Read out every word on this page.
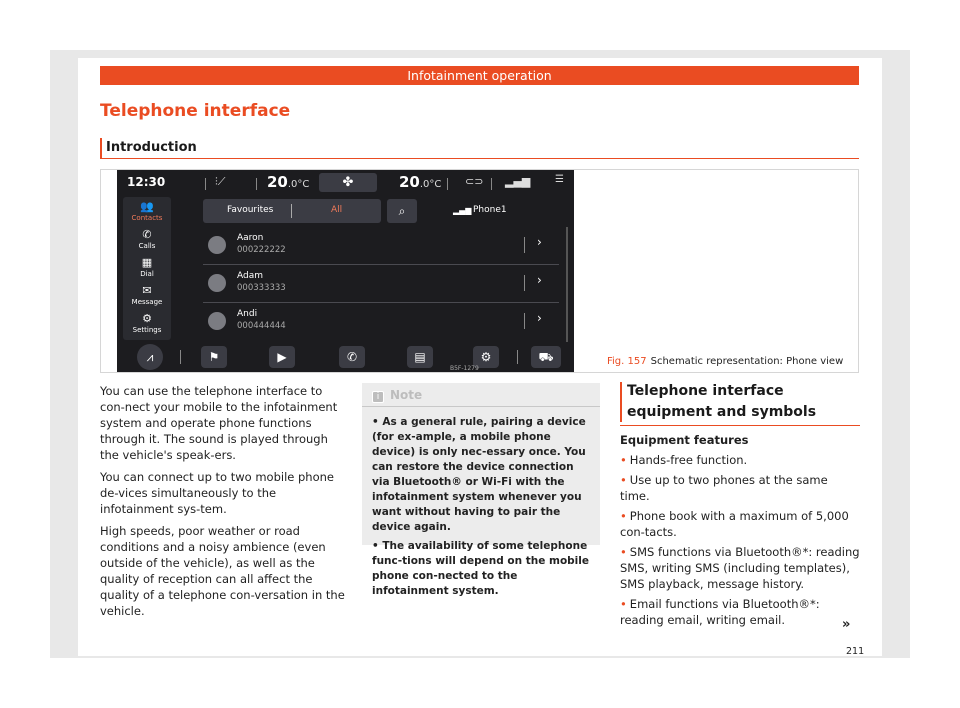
Infotainment operation
Telephone interface
Introduction
12:30	⫶⟋	20.0°C	✤	20.0°C ⊂⊃ ▂▄▆ ☰
👥
Contacts
✆
Calls
▦
Dial
✉
Message
⚙
Settings
Favourites	All	⌕	▂▄▆ Phone1
Aaron
000222222
›
Adam
000333333
›
Andi
000444444
›
⩘	⚑	▶	✆	▤	⚙	⛟
B5F-1279
Fig. 157 Schematic representation: Phone view

You can use the telephone interface to con-nect your mobile to the infotainment system and operate phone functions through it. The sound is played through the vehicle's speak-ers.

You can connect up to two mobile phone de-vices simultaneously to the infotainment sys-tem.

High speeds, poor weather or road conditions and a noisy ambience (even outside of the vehicle), as well as the quality of reception can all affect the quality of a telephone con-versation in the vehicle.

i Note

• As a general rule, pairing a device (for ex-ample, a mobile phone device) is only nec-essary once. You can restore the device connection via Bluetooth® or Wi-Fi with the infotainment system whenever you want without having to pair the device again.

• The availability of some telephone func-tions will depend on the mobile phone con-nected to the infotainment system.

Telephone interface equipment and symbols

Equipment features

• Hands-free function.

• Use up to two phones at the same time.

• Phone book with a maximum of 5,000 con-tacts.

• SMS functions via Bluetooth®*: reading SMS, writing SMS (including templates), SMS playback, message history.

• Email functions via Bluetooth®*: reading email, writing email.	»
211
